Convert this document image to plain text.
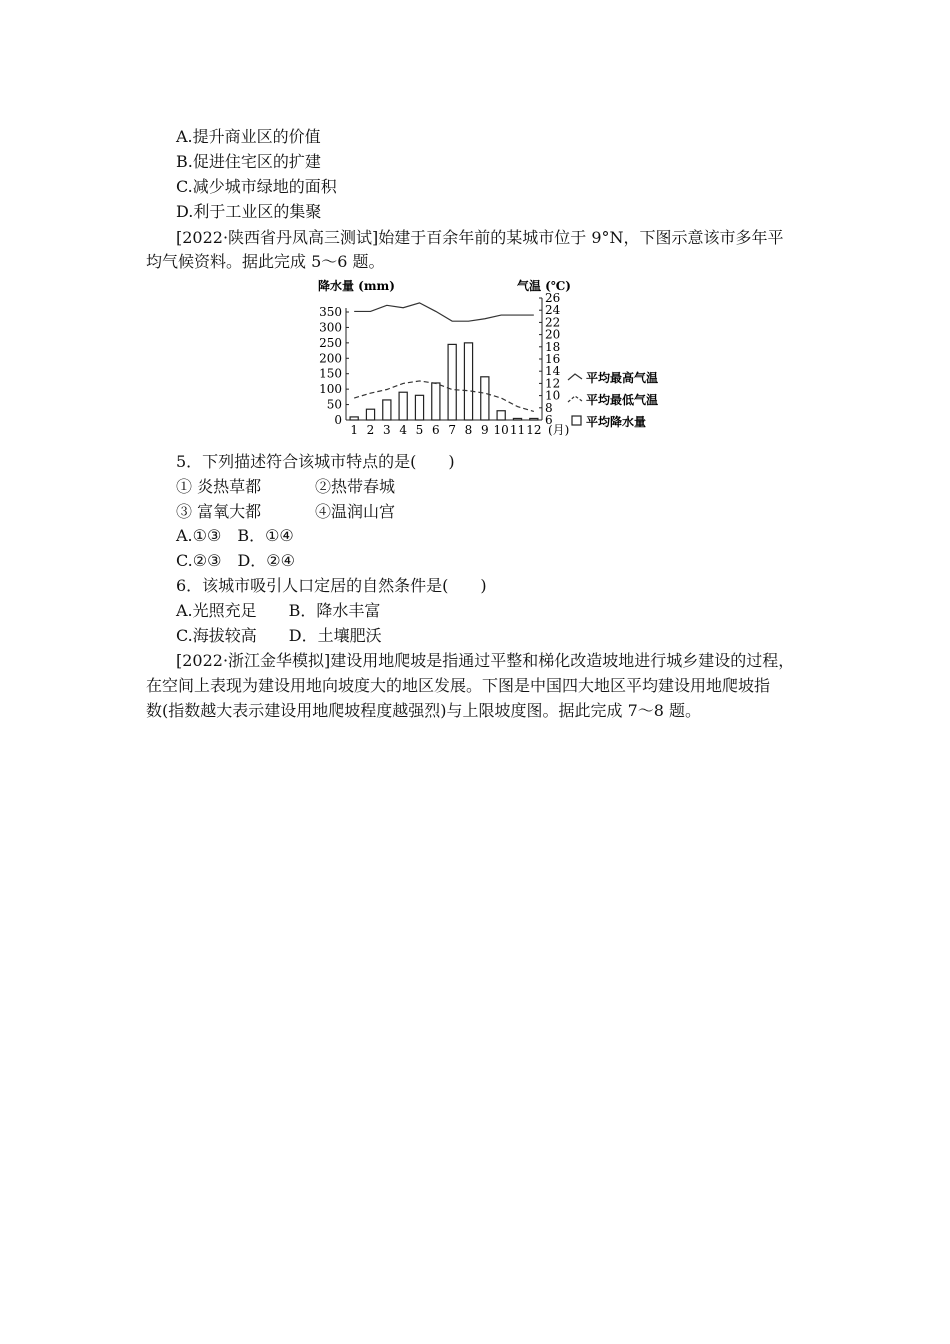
A.提升商业区的价值
B.促进住宅区的扩建
C.减少城市绿地的面积
D.利于工业区的集聚
[2022·陕西省丹凤高三测试]始建于百余年前的某城市位于 9°N，下图示意该市多年平
均气候资料。据此完成 5～6 题。
降水量 (mm)	气温 (℃)
350
300
250
200
150
100
50
0
26
24
22
20
18
16
14
12
10
8
6
1 2 3 4 5 6 7 8 9 10 11 12 (月)
平均最高气温
平均最低气温
平均降水量
5．下列描述符合该城市特点的是(　　)
① 炎热草都	②热带春城
③ 富氧大都	④温润山宫
A.①③　B．①④
C.②③　D．②④
6．该城市吸引人口定居的自然条件是(　　)
A.光照充足　　B．降水丰富
C.海拔较高　　D．土壤肥沃
[2022·浙江金华模拟]建设用地爬坡是指通过平整和梯化改造坡地进行城乡建设的过程，
在空间上表现为建设用地向坡度大的地区发展。下图是中国四大地区平均建设用地爬坡指
数(指数越大表示建设用地爬坡程度越强烈)与上限坡度图。据此完成 7～8 题。
